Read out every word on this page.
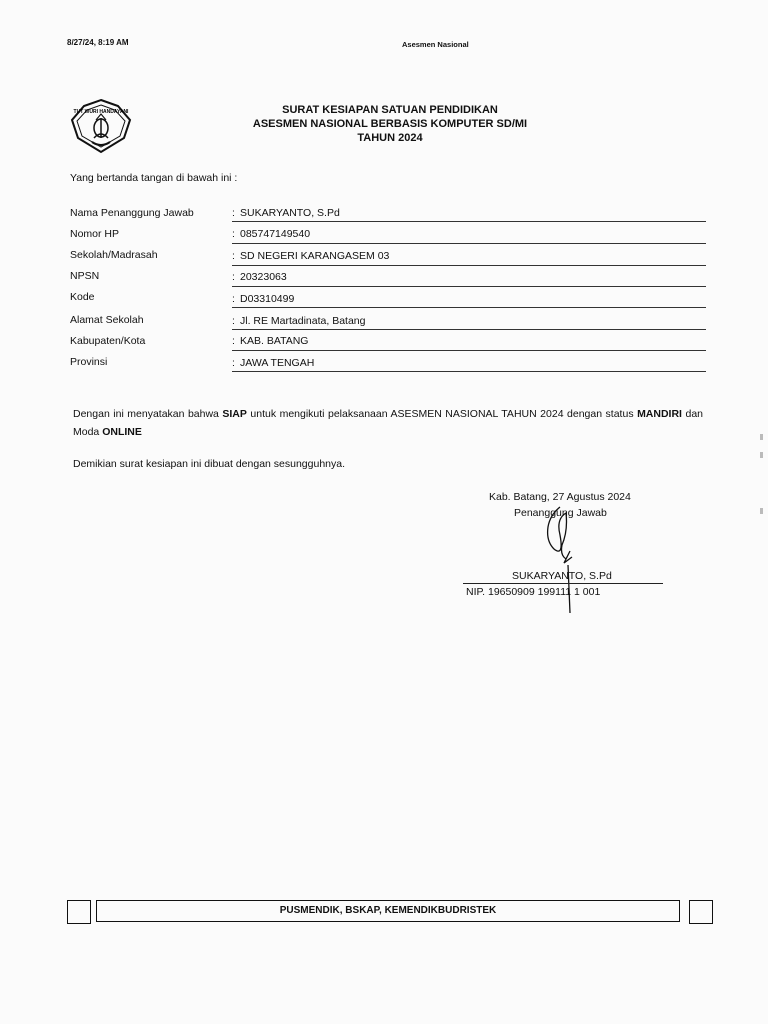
8/27/24, 8:19 AM	Asesmen Nasional
TUT WURI HANDAYANI	SURAT KESIAPAN SATUAN PENDIDIKAN
ASESMEN NASIONAL BERBASIS KOMPUTER SD/MI
TAHUN 2024
Yang bertanda tangan di bawah ini :
Nama Penanggung Jawab	: SUKARYANTO, S.Pd
Nomor HP	: 085747149540
Sekolah/Madrasah	: SD NEGERI KARANGASEM 03
NPSN	: 20323063
Kode	: D03310499
Alamat Sekolah	: Jl. RE Martadinata, Batang
Kabupaten/Kota	: KAB. BATANG
Provinsi	: JAWA TENGAH
Dengan ini menyatakan bahwa SIAP untuk mengikuti pelaksanaan ASESMEN NASIONAL TAHUN 2024 dengan status MANDIRI dan Moda ONLINE
Demikian surat kesiapan ini dibuat dengan sesungguhnya.
Kab. Batang, 27 Agustus 2024
Penanggung Jawab
SUKARYANTO, S.Pd
NIP. 19650909 199111 1 001
PUSMENDIK, BSKAP, KEMENDIKBUDRISTEK
